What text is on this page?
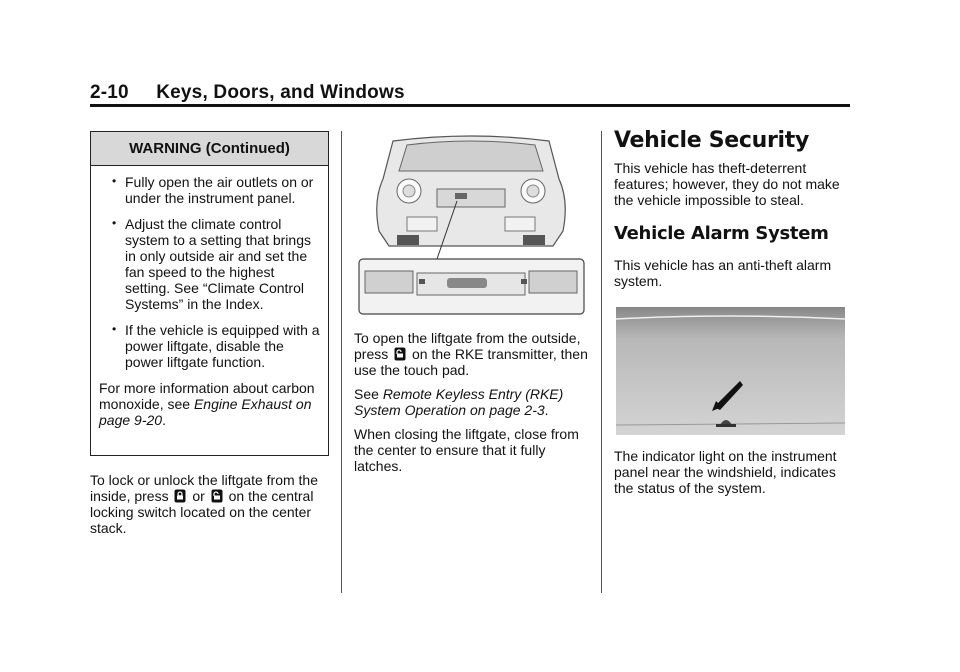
2-10     Keys, Doors, and Windows
WARNING (Continued)
• Fully open the air outlets on or under the instrument panel.
• Adjust the climate control system to a setting that brings in only outside air and set the fan speed to the highest setting. See “Climate Control Systems” in the Index.
• If the vehicle is equipped with a power liftgate, disable the power liftgate function.
For more information about carbon monoxide, see Engine Exhaust on page 9-20.

To lock or unlock the liftgate from the inside, press  or  on the central locking switch located on the center stack.

To open the liftgate from the outside, press  on the RKE transmitter, then use the touch pad.

See Remote Keyless Entry (RKE) System Operation on page 2-3.

When closing the liftgate, close from the center to ensure that it fully latches.

Vehicle Security
This vehicle has theft-deterrent features; however, they do not make the vehicle impossible to steal.
Vehicle Alarm System
This vehicle has an anti-theft alarm system.
The indicator light on the instrument panel near the windshield, indicates the status of the system.
